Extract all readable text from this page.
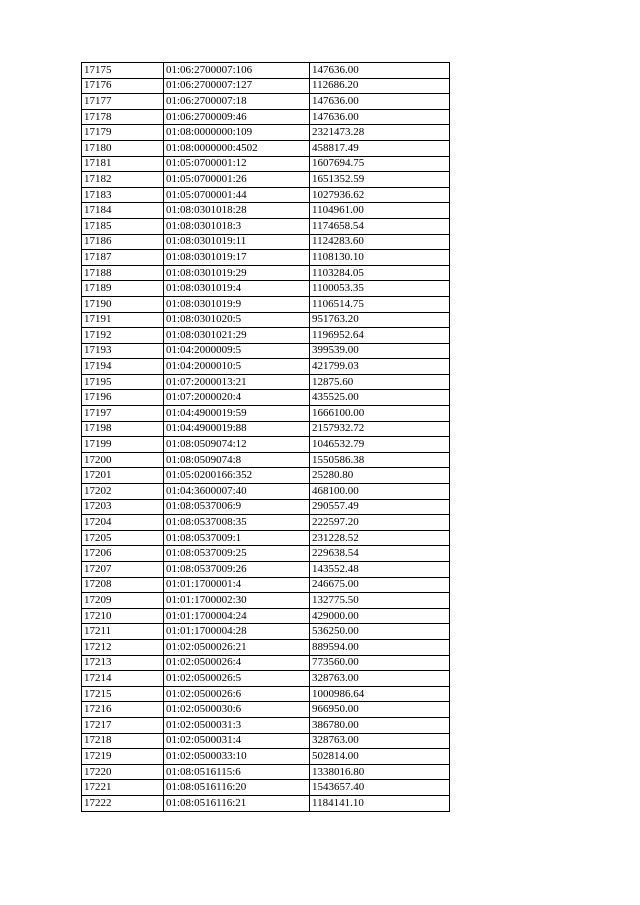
17175	01:06:2700007:106	147636.00
17176	01:06:2700007:127	112686.20
17177	01:06:2700007:18	147636.00
17178	01:06:2700009:46	147636.00
17179	01:08:0000000:109	2321473.28
17180	01:08:0000000:4502	458817.49
17181	01:05:0700001:12	1607694.75
17182	01:05:0700001:26	1651352.59
17183	01:05:0700001:44	1027936.62
17184	01:08:0301018:28	1104961.00
17185	01:08:0301018:3	1174658.54
17186	01:08:0301019:11	1124283.60
17187	01:08:0301019:17	1108130.10
17188	01:08:0301019:29	1103284.05
17189	01:08:0301019:4	1100053.35
17190	01:08:0301019:9	1106514.75
17191	01:08:0301020:5	951763.20
17192	01:08:0301021:29	1196952.64
17193	01:04:2000009:5	399539.00
17194	01:04:2000010:5	421799.03
17195	01:07:2000013:21	12875.60
17196	01:07:2000020:4	435525.00
17197	01:04:4900019:59	1666100.00
17198	01:04:4900019:88	2157932.72
17199	01:08:0509074:12	1046532.79
17200	01:08:0509074:8	1550586.38
17201	01:05:0200166:352	25280.80
17202	01:04:3600007:40	468100.00
17203	01:08:0537006:9	290557.49
17204	01:08:0537008:35	222597.20
17205	01:08:0537009:1	231228.52
17206	01:08:0537009:25	229638.54
17207	01:08:0537009:26	143552.48
17208	01:01:1700001:4	246675.00
17209	01:01:1700002:30	132775.50
17210	01:01:1700004:24	429000.00
17211	01:01:1700004:28	536250.00
17212	01:02:0500026:21	889594.00
17213	01:02:0500026:4	773560.00
17214	01:02:0500026:5	328763.00
17215	01:02:0500026:6	1000986.64
17216	01:02:0500030:6	966950.00
17217	01:02:0500031:3	386780.00
17218	01:02:0500031:4	328763.00
17219	01:02:0500033:10	502814.00
17220	01:08:0516115:6	1338016.80
17221	01:08:0516116:20	1543657.40
17222	01:08:0516116:21	1184141.10
